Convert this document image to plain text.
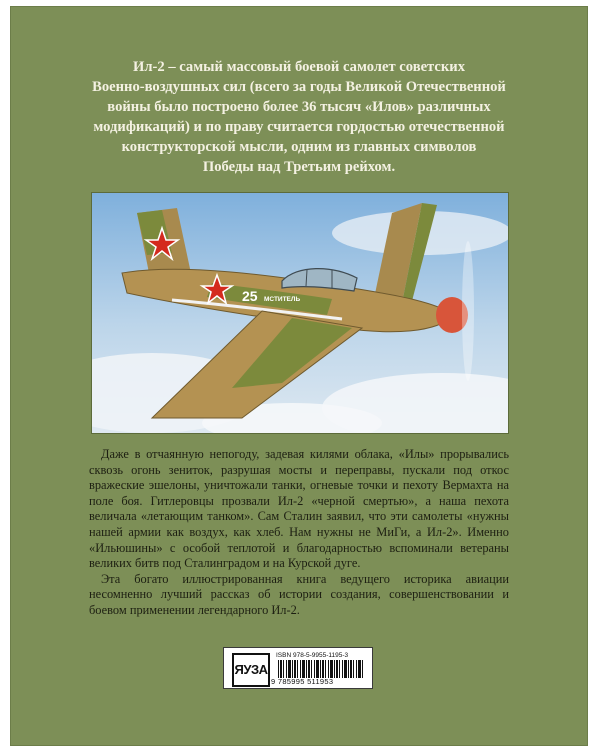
Ил-2 – самый массовый боевой самолет советских
Военно-воздушных сил (всего за годы Великой Отечественной
войны было построено более 36 тысяч «Илов» различных
модификаций) и по праву считается гордостью отечественной
конструкторской мысли, одним из главных символов
Победы над Третьим рейхом.
25 МСТИТЕЛЬ

Даже в отчаянную непогоду, задевая килями облака, «Илы» прорывались сквозь огонь зениток, разрушая мосты и переправы, пускали под откос вражеские эшелоны, уничтожали танки, огневые точки и пехоту Вермахта на поле боя. Гитлеровцы прозвали Ил-2 «черной смертью», а наша пехота величала «летающим танком». Сам Сталин заявил, что эти самолеты «нужны нашей армии как воздух, как хлеб. Нам нужны не МиГи, а Ил-2». Именно «Ильюшины» с особой теплотой и благодарностью вспоминали ветераны великих битв под Сталинградом и на Курской дуге.

Эта богато иллюстрированная книга ведущего историка авиации несомненно лучший рассказ об истории создания, совершенствовании и боевом применении легендарного Ил-2.

ЯУЗА
ISBN 978-5-9955-1195-3
9 785995 511953
